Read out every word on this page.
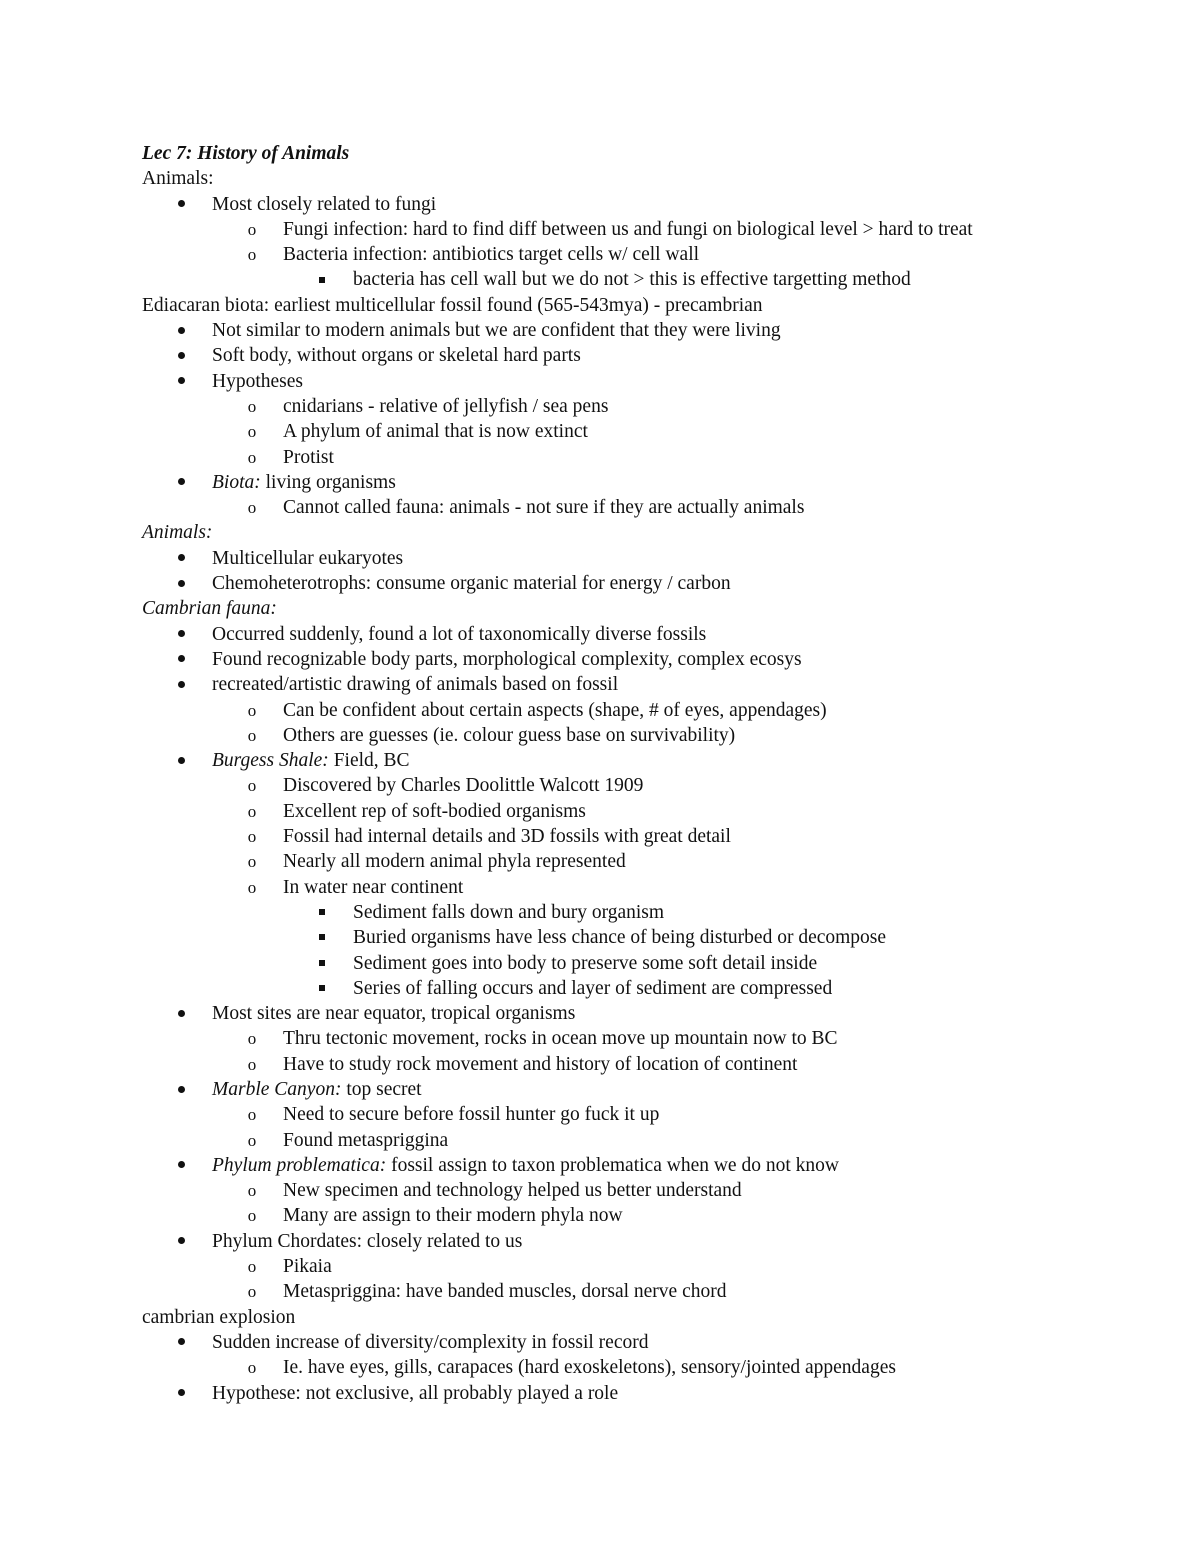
Lec 7: History of Animals
Animals:
Most closely related to fungi
o Fungi infection: hard to find diff between us and fungi on biological level > hard to treat
o Bacteria infection: antibiotics target cells w/ cell wall
bacteria has cell wall but we do not > this is effective targetting method
Ediacaran biota: earliest multicellular fossil found (565-543mya) - precambrian
Not similar to modern animals but we are confident that they were living
Soft body, without organs or skeletal hard parts
Hypotheses
o cnidarians - relative of jellyfish / sea pens
o A phylum of animal that is now extinct
o Protist
Biota: living organisms
o Cannot called fauna: animals - not sure if they are actually animals
Animals:
Multicellular eukaryotes
Chemoheterotrophs: consume organic material for energy / carbon
Cambrian fauna:
Occurred suddenly, found a lot of taxonomically diverse fossils
Found recognizable body parts, morphological complexity, complex ecosys
recreated/artistic drawing of animals based on fossil
o Can be confident about certain aspects (shape, # of eyes, appendages)
o Others are guesses (ie. colour guess base on survivability)
Burgess Shale: Field, BC
o Discovered by Charles Doolittle Walcott 1909
o Excellent rep of soft-bodied organisms
o Fossil had internal details and 3D fossils with great detail
o Nearly all modern animal phyla represented
o In water near continent
Sediment falls down and bury organism
Buried organisms have less chance of being disturbed or decompose
Sediment goes into body to preserve some soft detail inside
Series of falling occurs and layer of sediment are compressed
Most sites are near equator, tropical organisms
o Thru tectonic movement, rocks in ocean move up mountain now to BC
o Have to study rock movement and history of location of continent
Marble Canyon: top secret
o Need to secure before fossil hunter go fuck it up
o Found metaspriggina
Phylum problematica: fossil assign to taxon problematica when we do not know
o New specimen and technology helped us better understand
o Many are assign to their modern phyla now
Phylum Chordates: closely related to us
o Pikaia
o Metaspriggina: have banded muscles, dorsal nerve chord
cambrian explosion
Sudden increase of diversity/complexity in fossil record
o Ie. have eyes, gills, carapaces (hard exoskeletons), sensory/jointed appendages
Hypothese: not exclusive, all probably played a role
